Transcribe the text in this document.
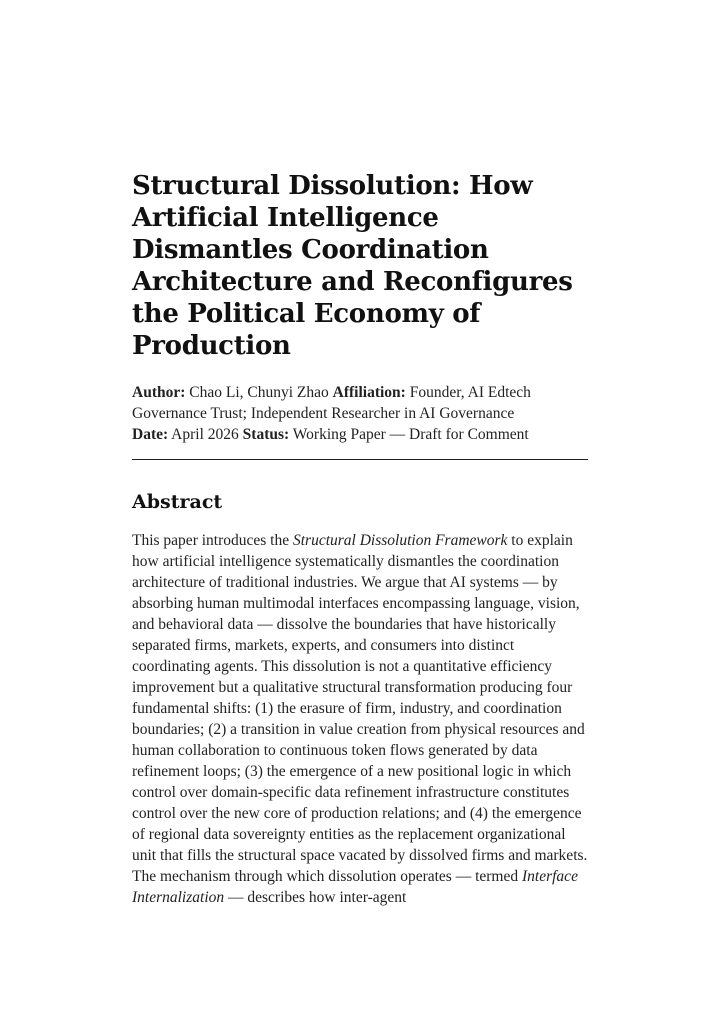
Structural Dissolution: How Artificial Intelligence Dismantles Coordination Architecture and Reconfigures the Political Economy of Production
Author: Chao Li, Chunyi Zhao Affiliation: Founder, AI Edtech Governance Trust; Independent Researcher in AI Governance
Date: April 2026 Status: Working Paper — Draft for Comment
Abstract

This paper introduces the Structural Dissolution Framework to explain how artificial intelligence systematically dismantles the coordination architecture of traditional industries. We argue that AI systems — by absorbing human multimodal interfaces encompassing language, vision, and behavioral data — dissolve the boundaries that have historically separated firms, markets, experts, and consumers into distinct coordinating agents. This dissolution is not a quantitative efficiency improvement but a qualitative structural transformation producing four fundamental shifts: (1) the erasure of firm, industry, and coordination boundaries; (2) a transition in value creation from physical resources and human collaboration to continuous token flows generated by data refinement loops; (3) the emergence of a new positional logic in which control over domain-specific data refinement infrastructure constitutes control over the new core of production relations; and (4) the emergence of regional data sovereignty entities as the replacement organizational unit that fills the structural space vacated by dissolved firms and markets. The mechanism through which dissolution operates — termed Interface Internalization — describes how inter-agent
